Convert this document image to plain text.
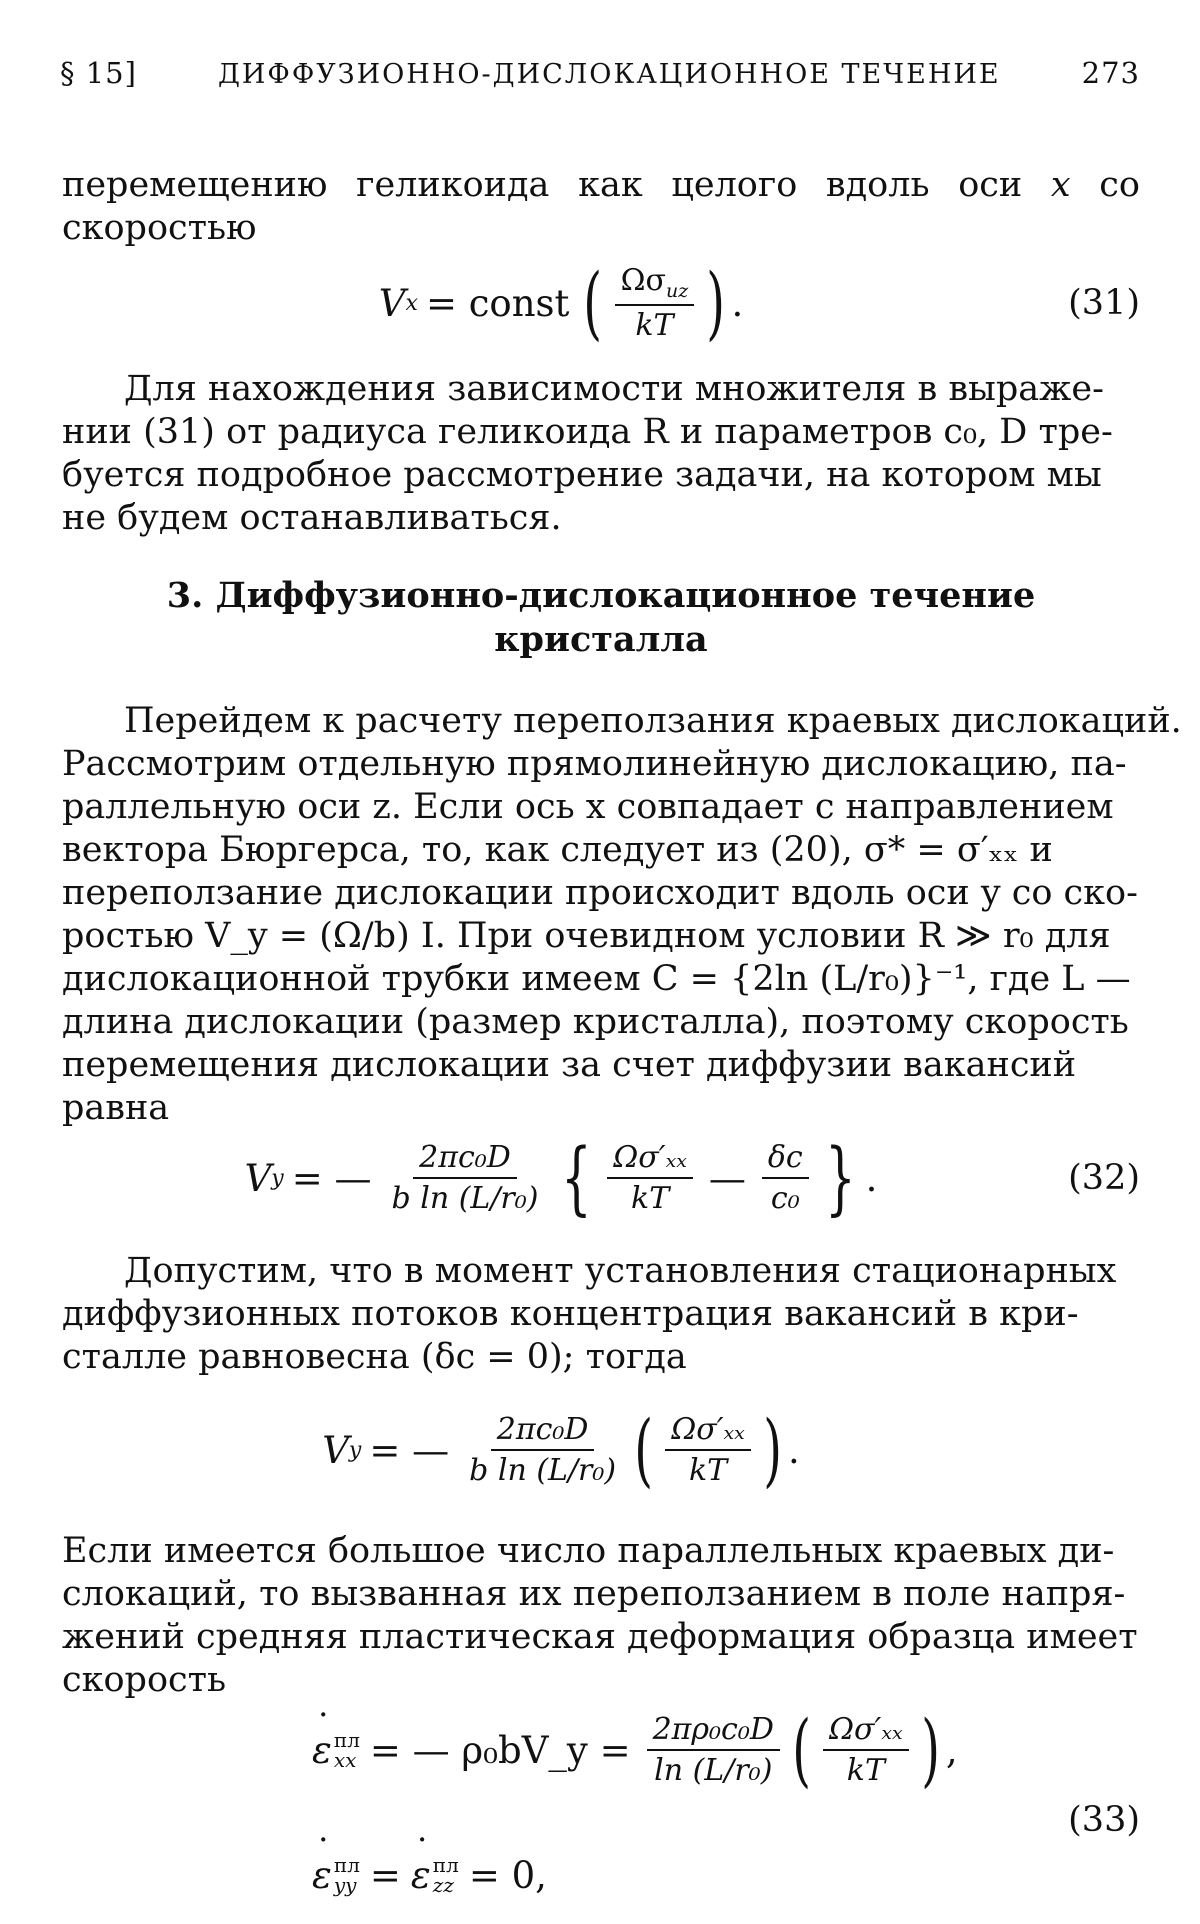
§ 15]	ДИФФУЗИОННО-ДИСЛОКАЦИОННОЕ ТЕЧЕНИЕ	273
перемещению геликоида как целого вдоль оси x со
скоростью
V x = const ( $\frac{\Omega\sigma_{uz}}{kT}$ ) .	(31)
Для нахождения зависимости множителя в выраже-
нии (31) от радиуса геликоида R и параметров c₀, D тре-
буется подробное рассмотрение задачи, на котором мы
не будем останавливаться.
3. Диффузионно-дислокационное течение
кристалла
Перейдем к расчету переползания краевых дислокаций.
Рассмотрим отдельную прямолинейную дислокацию, па-
раллельную оси z. Если ось x совпадает с направлением
вектора Бюргерса, то, как следует из (20), σ* = σ′ₓₓ и
переползание дислокации происходит вдоль оси y со ско-
ростью V_y = (Ω/b) I. При очевидном условии R ≫ r₀ для
дислокационной трубки имеем C = {2ln (L/r₀)}⁻¹, где L —
длина дислокации (размер кристалла), поэтому скорость
перемещения дислокации за счет диффузии вакансий
равна
V y = — $\frac{\text{2πc₀D}}{\text{b ln (L/r₀)}}$ { $\frac{\text{Ωσ′ₓₓ}}{kT}$ — $\frac{\delta c}{\text{c₀}}$ } .	(32)
Допустим, что в момент установления стационарных
диффузионных потоков концентрация вакансий в кри-
сталле равновесна (δc = 0); тогда
V y = — $\frac{\text{2πc₀D}}{\text{b ln (L/r₀)}}$ ( $\frac{\text{Ωσ′ₓₓ}}{kT}$ ) .
Если имеется большое число параллельных краевых ди-
слокаций, то вызванная их переползанием в поле напря-
жений средняя пластическая деформация образца имеет
скорость
˙ ε пл
xx = — ρ₀bV_y = $\frac{\text{2πρ₀c₀D}}{\text{ln (L/r₀)}}$ ( $\frac{\text{Ωσ′ₓₓ}}{kT}$ ) ,
(33)
˙ ε пл
yy =
˙ ε пл
zz = 0,
